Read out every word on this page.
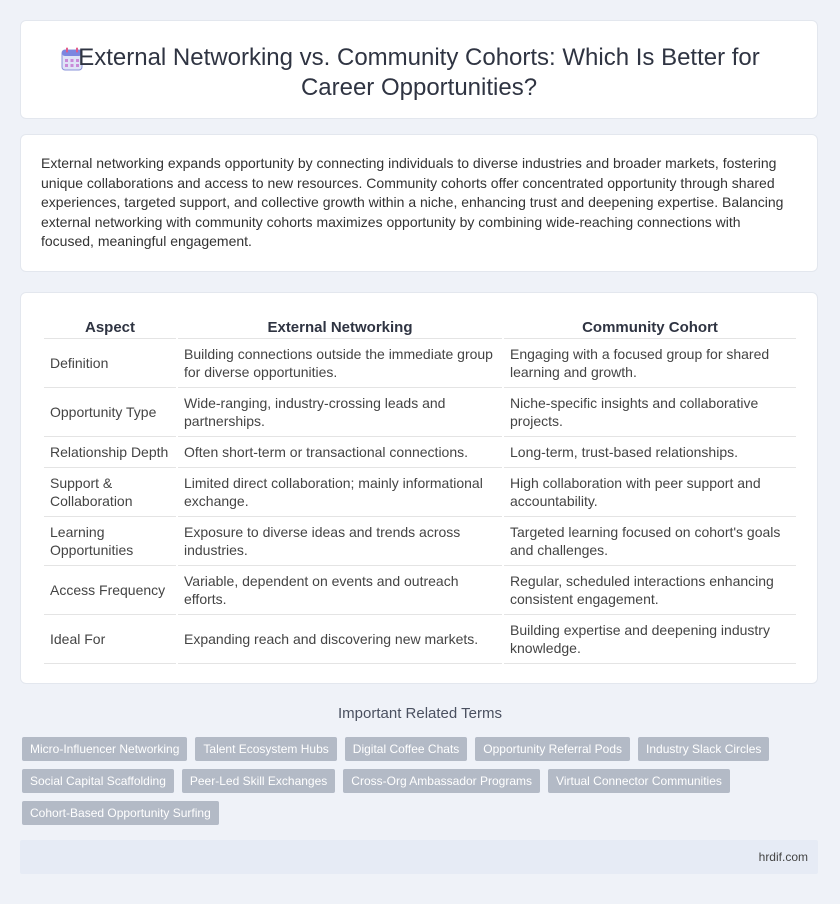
External Networking vs. Community Cohorts: Which Is Better for Career Opportunities?

External networking expands opportunity by connecting individuals to diverse industries and broader markets, fostering unique collaborations and access to new resources. Community cohorts offer concentrated opportunity through shared experiences, targeted support, and collective growth within a niche, enhancing trust and deepening expertise. Balancing external networking with community cohorts maximizes opportunity by combining wide-reaching connections with focused, meaningful engagement.

Aspect	External Networking	Community Cohort
Definition	Building connections outside the immediate group for diverse opportunities.	Engaging with a focused group for shared learning and growth.
Opportunity Type	Wide-ranging, industry-crossing leads and partnerships.	Niche-specific insights and collaborative projects.
Relationship Depth	Often short-term or transactional connections.	Long-term, trust-based relationships.
Support & Collaboration	Limited direct collaboration; mainly informational exchange.	High collaboration with peer support and accountability.
Learning Opportunities	Exposure to diverse ideas and trends across industries.	Targeted learning focused on cohort's goals and challenges.
Access Frequency	Variable, dependent on events and outreach efforts.	Regular, scheduled interactions enhancing consistent engagement.
Ideal For	Expanding reach and discovering new markets.	Building expertise and deepening industry knowledge.
Important Related Terms
Micro-Influencer Networking	Talent Ecosystem Hubs	Digital Coffee Chats	Opportunity Referral Pods	Industry Slack Circles
Social Capital Scaffolding	Peer-Led Skill Exchanges	Cross-Org Ambassador Programs	Virtual Connector Communities
Cohort-Based Opportunity Surfing
hrdif.com
